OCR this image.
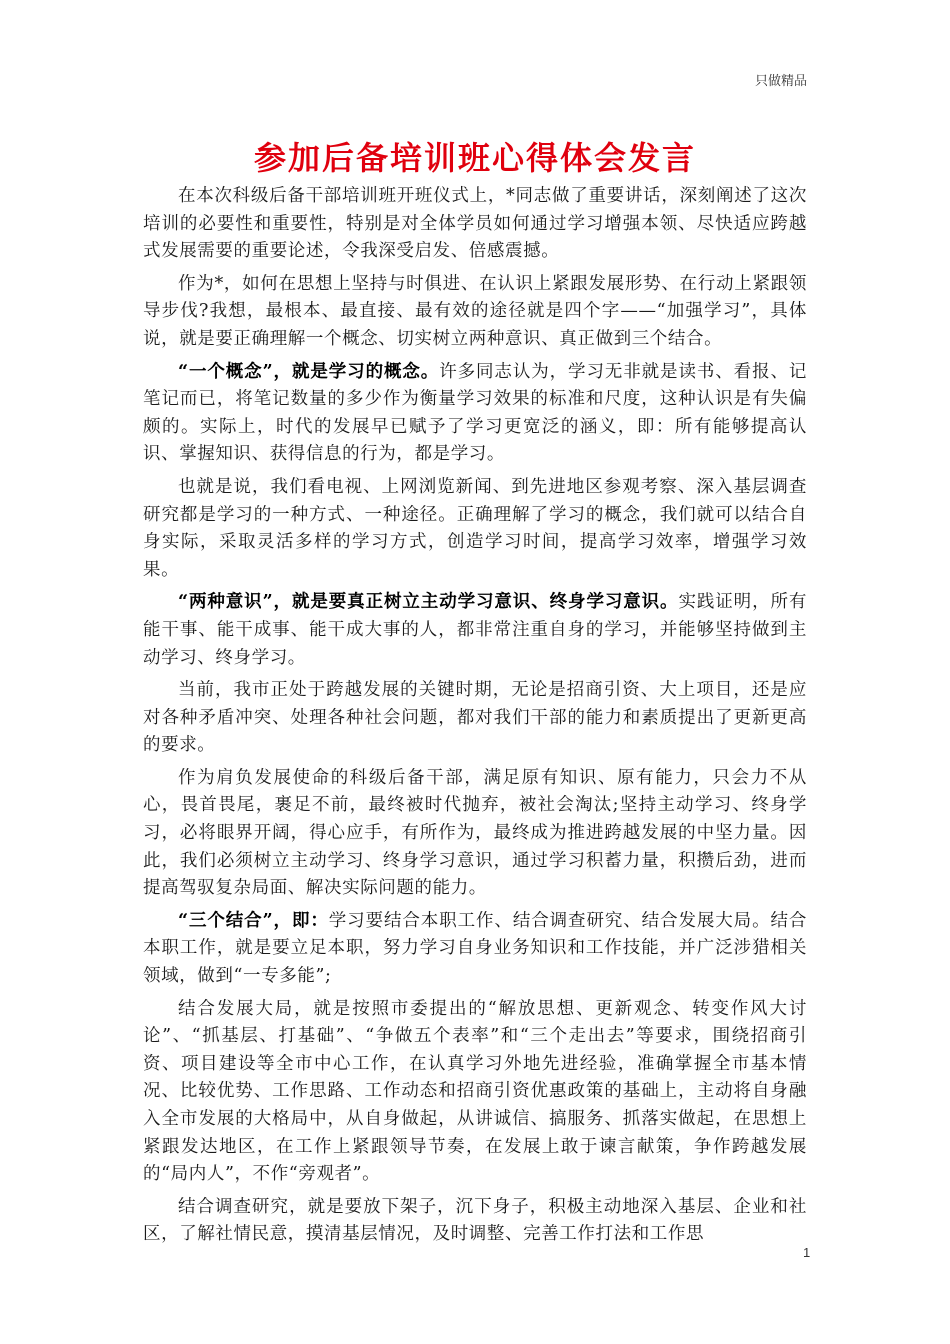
只做精品
参加后备培训班心得体会发言

在本次科级后备干部培训班开班仪式上，*同志做了重要讲话，深刻阐述了这次培训的必要性和重要性，特别是对全体学员如何通过学习增强本领、尽快适应跨越式发展需要的重要论述，令我深受启发、倍感震撼。

作为*，如何在思想上坚持与时俱进、在认识上紧跟发展形势、在行动上紧跟领导步伐?我想，最根本、最直接、最有效的途径就是四个字——“加强学习”，具体说，就是要正确理解一个概念、切实树立两种意识、真正做到三个结合。

“一个概念”，就是学习的概念。许多同志认为，学习无非就是读书、看报、记笔记而已，将笔记数量的多少作为衡量学习效果的标准和尺度，这种认识是有失偏颇的。实际上，时代的发展早已赋予了学习更宽泛的涵义，即：所有能够提高认识、掌握知识、获得信息的行为，都是学习。

也就是说，我们看电视、上网浏览新闻、到先进地区参观考察、深入基层调查研究都是学习的一种方式、一种途径。正确理解了学习的概念，我们就可以结合自身实际，采取灵活多样的学习方式，创造学习时间，提高学习效率，增强学习效果。

“两种意识”，就是要真正树立主动学习意识、终身学习意识。实践证明，所有能干事、能干成事、能干成大事的人，都非常注重自身的学习，并能够坚持做到主动学习、终身学习。

当前，我市正处于跨越发展的关键时期，无论是招商引资、大上项目，还是应对各种矛盾冲突、处理各种社会问题，都对我们干部的能力和素质提出了更新更高的要求。

作为肩负发展使命的科级后备干部，满足原有知识、原有能力，只会力不从心，畏首畏尾，裹足不前，最终被时代抛弃，被社会淘汰;坚持主动学习、终身学习，必将眼界开阔，得心应手，有所作为，最终成为推进跨越发展的中坚力量。因此，我们必须树立主动学习、终身学习意识，通过学习积蓄力量，积攒后劲，进而提高驾驭复杂局面、解决实际问题的能力。

“三个结合”，即：学习要结合本职工作、结合调查研究、结合发展大局。结合本职工作，就是要立足本职，努力学习自身业务知识和工作技能，并广泛涉猎相关领域，做到“一专多能”;

结合发展大局，就是按照市委提出的“解放思想、更新观念、转变作风大讨论”、“抓基层、打基础”、“争做五个表率”和“三个走出去”等要求，围绕招商引资、项目建设等全市中心工作，在认真学习外地先进经验，准确掌握全市基本情况、比较优势、工作思路、工作动态和招商引资优惠政策的基础上，主动将自身融入全市发展的大格局中，从自身做起，从讲诚信、搞服务、抓落实做起，在思想上紧跟发达地区，在工作上紧跟领导节奏，在发展上敢于谏言献策，争作跨越发展的“局内人”，不作“旁观者”。

结合调查研究，就是要放下架子，沉下身子，积极主动地深入基层、企业和社区，了解社情民意，摸清基层情况，及时调整、完善工作打法和工作思

1
